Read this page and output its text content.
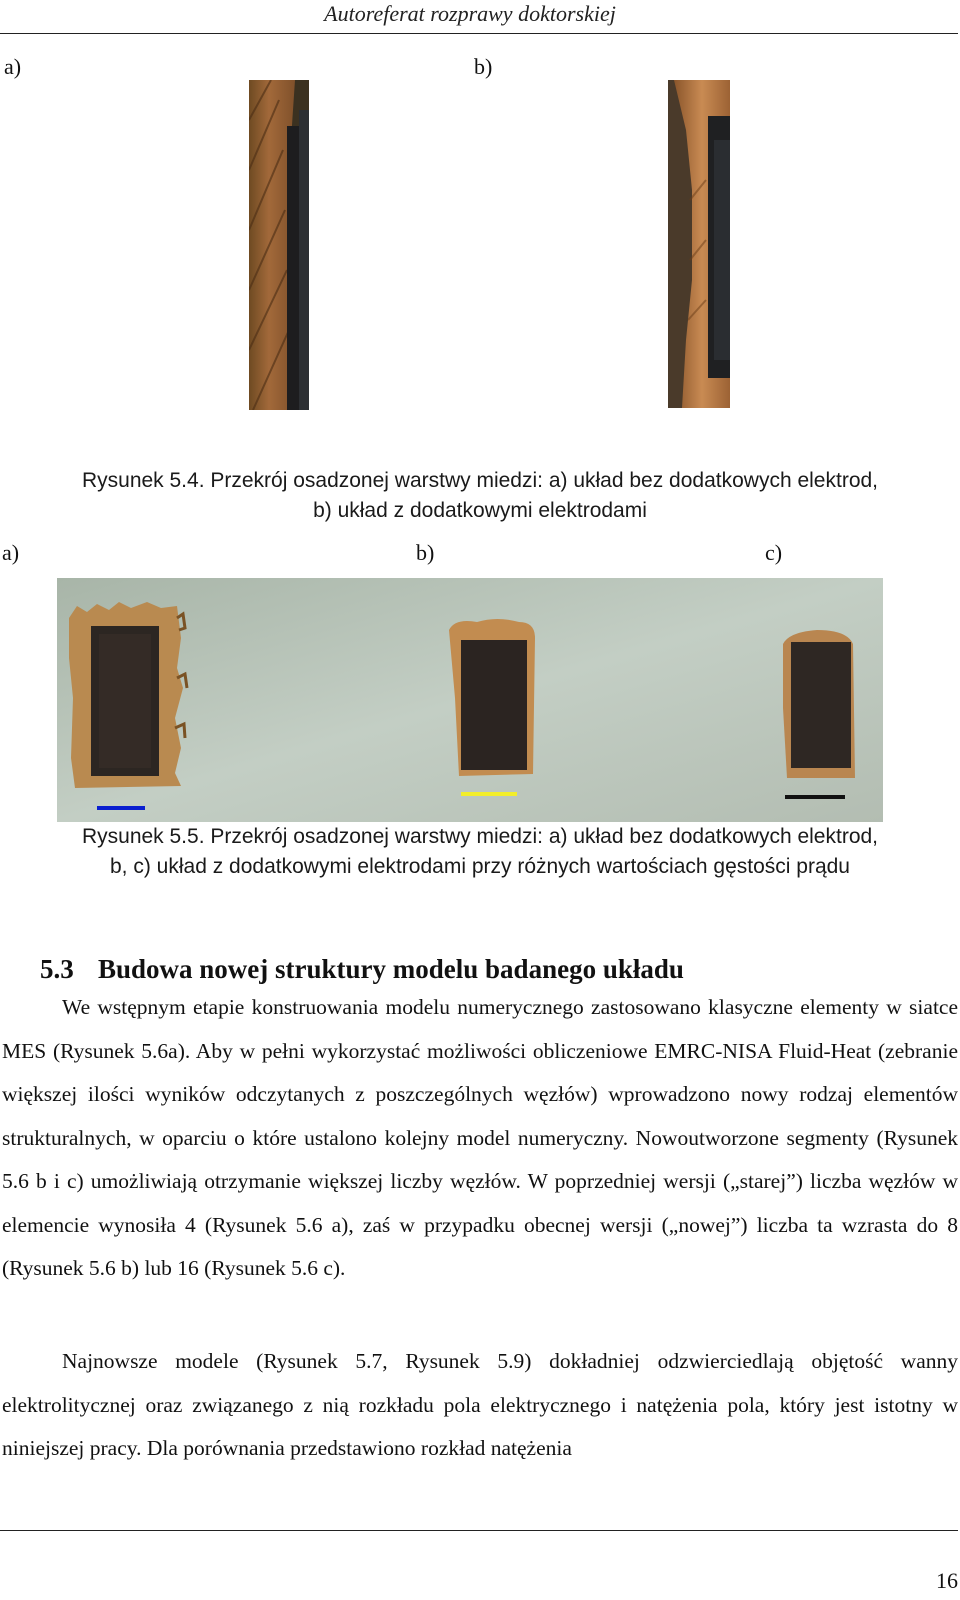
Autoreferat rozprawy doktorskiej
a)	b)
Rysunek 5.4. Przekrój osadzonej warstwy miedzi: a) układ bez dodatkowych elektrod,
b) układ z dodatkowymi elektrodami
a)	b)	c)
Rysunek 5.5. Przekrój osadzonej warstwy miedzi: a) układ bez dodatkowych elektrod,
b, c) układ z dodatkowymi elektrodami przy różnych wartościach gęstości prądu
5.3 Budowa nowej struktury modelu badanego układu

We wstępnym etapie konstruowania modelu numerycznego zastosowano klasyczne elementy w siatce MES (Rysunek 5.6a). Aby w pełni wykorzystać możliwości obliczeniowe EMRC-NISA Fluid-Heat (zebranie większej ilości wyników odczytanych z poszczególnych węzłów) wprowadzono nowy rodzaj elementów strukturalnych, w oparciu o które ustalono kolejny model numeryczny. Nowoutworzone segmenty (Rysunek 5.6 b i c) umożliwiają otrzymanie większej liczby węzłów. W poprzedniej wersji („starej”) liczba węzłów w elemencie wynosiła 4 (Rysunek 5.6 a), zaś w przypadku obecnej wersji („nowej”) liczba ta wzrasta do 8 (Rysunek 5.6 b) lub 16 (Rysunek 5.6 c).

Najnowsze modele (Rysunek 5.7, Rysunek 5.9) dokładniej odzwierciedlają objętość wanny elektrolitycznej oraz związanego z nią rozkładu pola elektrycznego i natężenia pola, który jest istotny w niniejszej pracy. Dla porównania przedstawiono rozkład natężenia

16
